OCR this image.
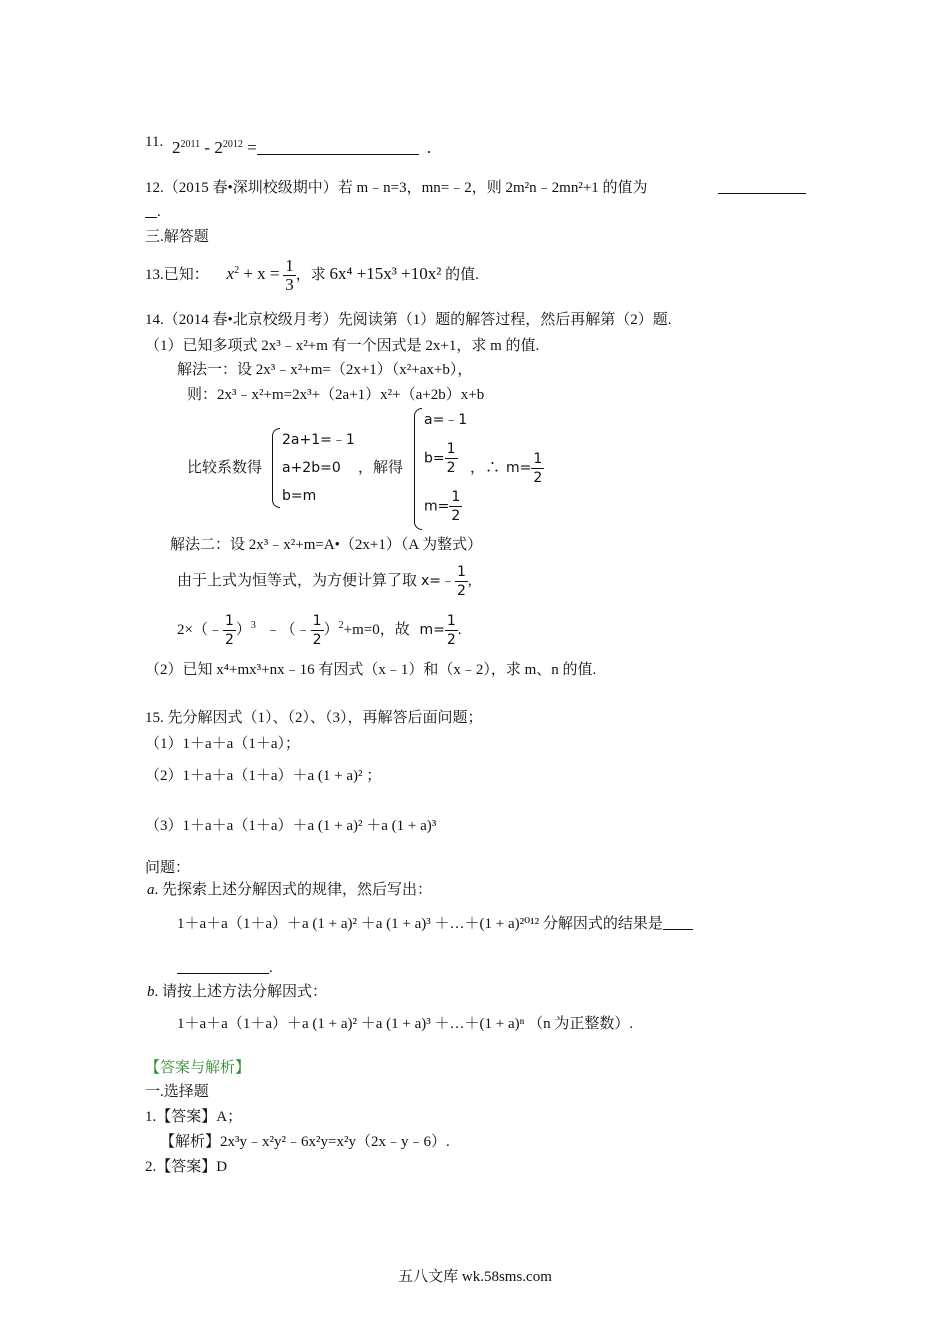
11. $2^{2011} - 2^{2012}$ =	.
12.（2015 春•深圳校级期中）若 m﹣n=3，mn=﹣2，则 2m²n﹣2mn²+1 的值为
.
三.解答题
13.已知： $x^2 + x = \frac{1}{3}$ ，求 6x⁴ +15x³ +10x² 的值.
14.（2014 春•北京校级月考）先阅读第（1）题的解答过程，然后再解第（2）题.
（1）已知多项式 2x³﹣x²+m 有一个因式是 2x+1，求 m 的值.
解法一：设 2x³﹣x²+m=（2x+1）（x²+ax+b），
则：2x³﹣x²+m=2x³+（2a+1）x²+（a+2b）x+b
比较系数得
2a+1=﹣1
a+2b=0
b=m
，解得
a=﹣1
$b= \frac{1}{2}$
$m= \frac{1}{2}$
，∴ $m= \frac{1}{2}$
解法二：设 2x³﹣x²+m=A•（2x+1）（A 为整式）
由于上式为恒等式，为方便计算了取 x=﹣ $\frac{1}{2}$ ,
2×（﹣ $\frac{1}{2} )^3$ ﹣（﹣ $\frac{1}{2} )^2+m=0$，故 $m= \frac{1}{2}$ .
（2）已知 x⁴+mx³+nx﹣16 有因式（x﹣1）和（x﹣2），求 m、n 的值.
15. 先分解因式（1）、（2）、（3），再解答后面问题；
（1）1＋a＋a（1＋a）；
（2）1＋a＋a（1＋a）＋a (1 + a)² ；
（3）1＋a＋a（1＋a）＋a (1 + a)² ＋a (1 + a)³
问题：
a. 先探索上述分解因式的规律，然后写出：
1＋a＋a（1＋a）＋a (1 + a)² ＋a (1 + a)³ ＋…＋(1 + a)²⁰¹² 分解因式的结果是
.
b. 请按上述方法分解因式：
1＋a＋a（1＋a）＋a (1 + a)² ＋a (1 + a)³ ＋…＋(1 + a)ⁿ （n 为正整数）.
【答案与解析】
一.选择题
1.【答案】A；
【解析】2x³y﹣x²y²﹣6x²y=x²y（2x﹣y﹣6）.
2.【答案】D
五八文库 wk.58sms.com
